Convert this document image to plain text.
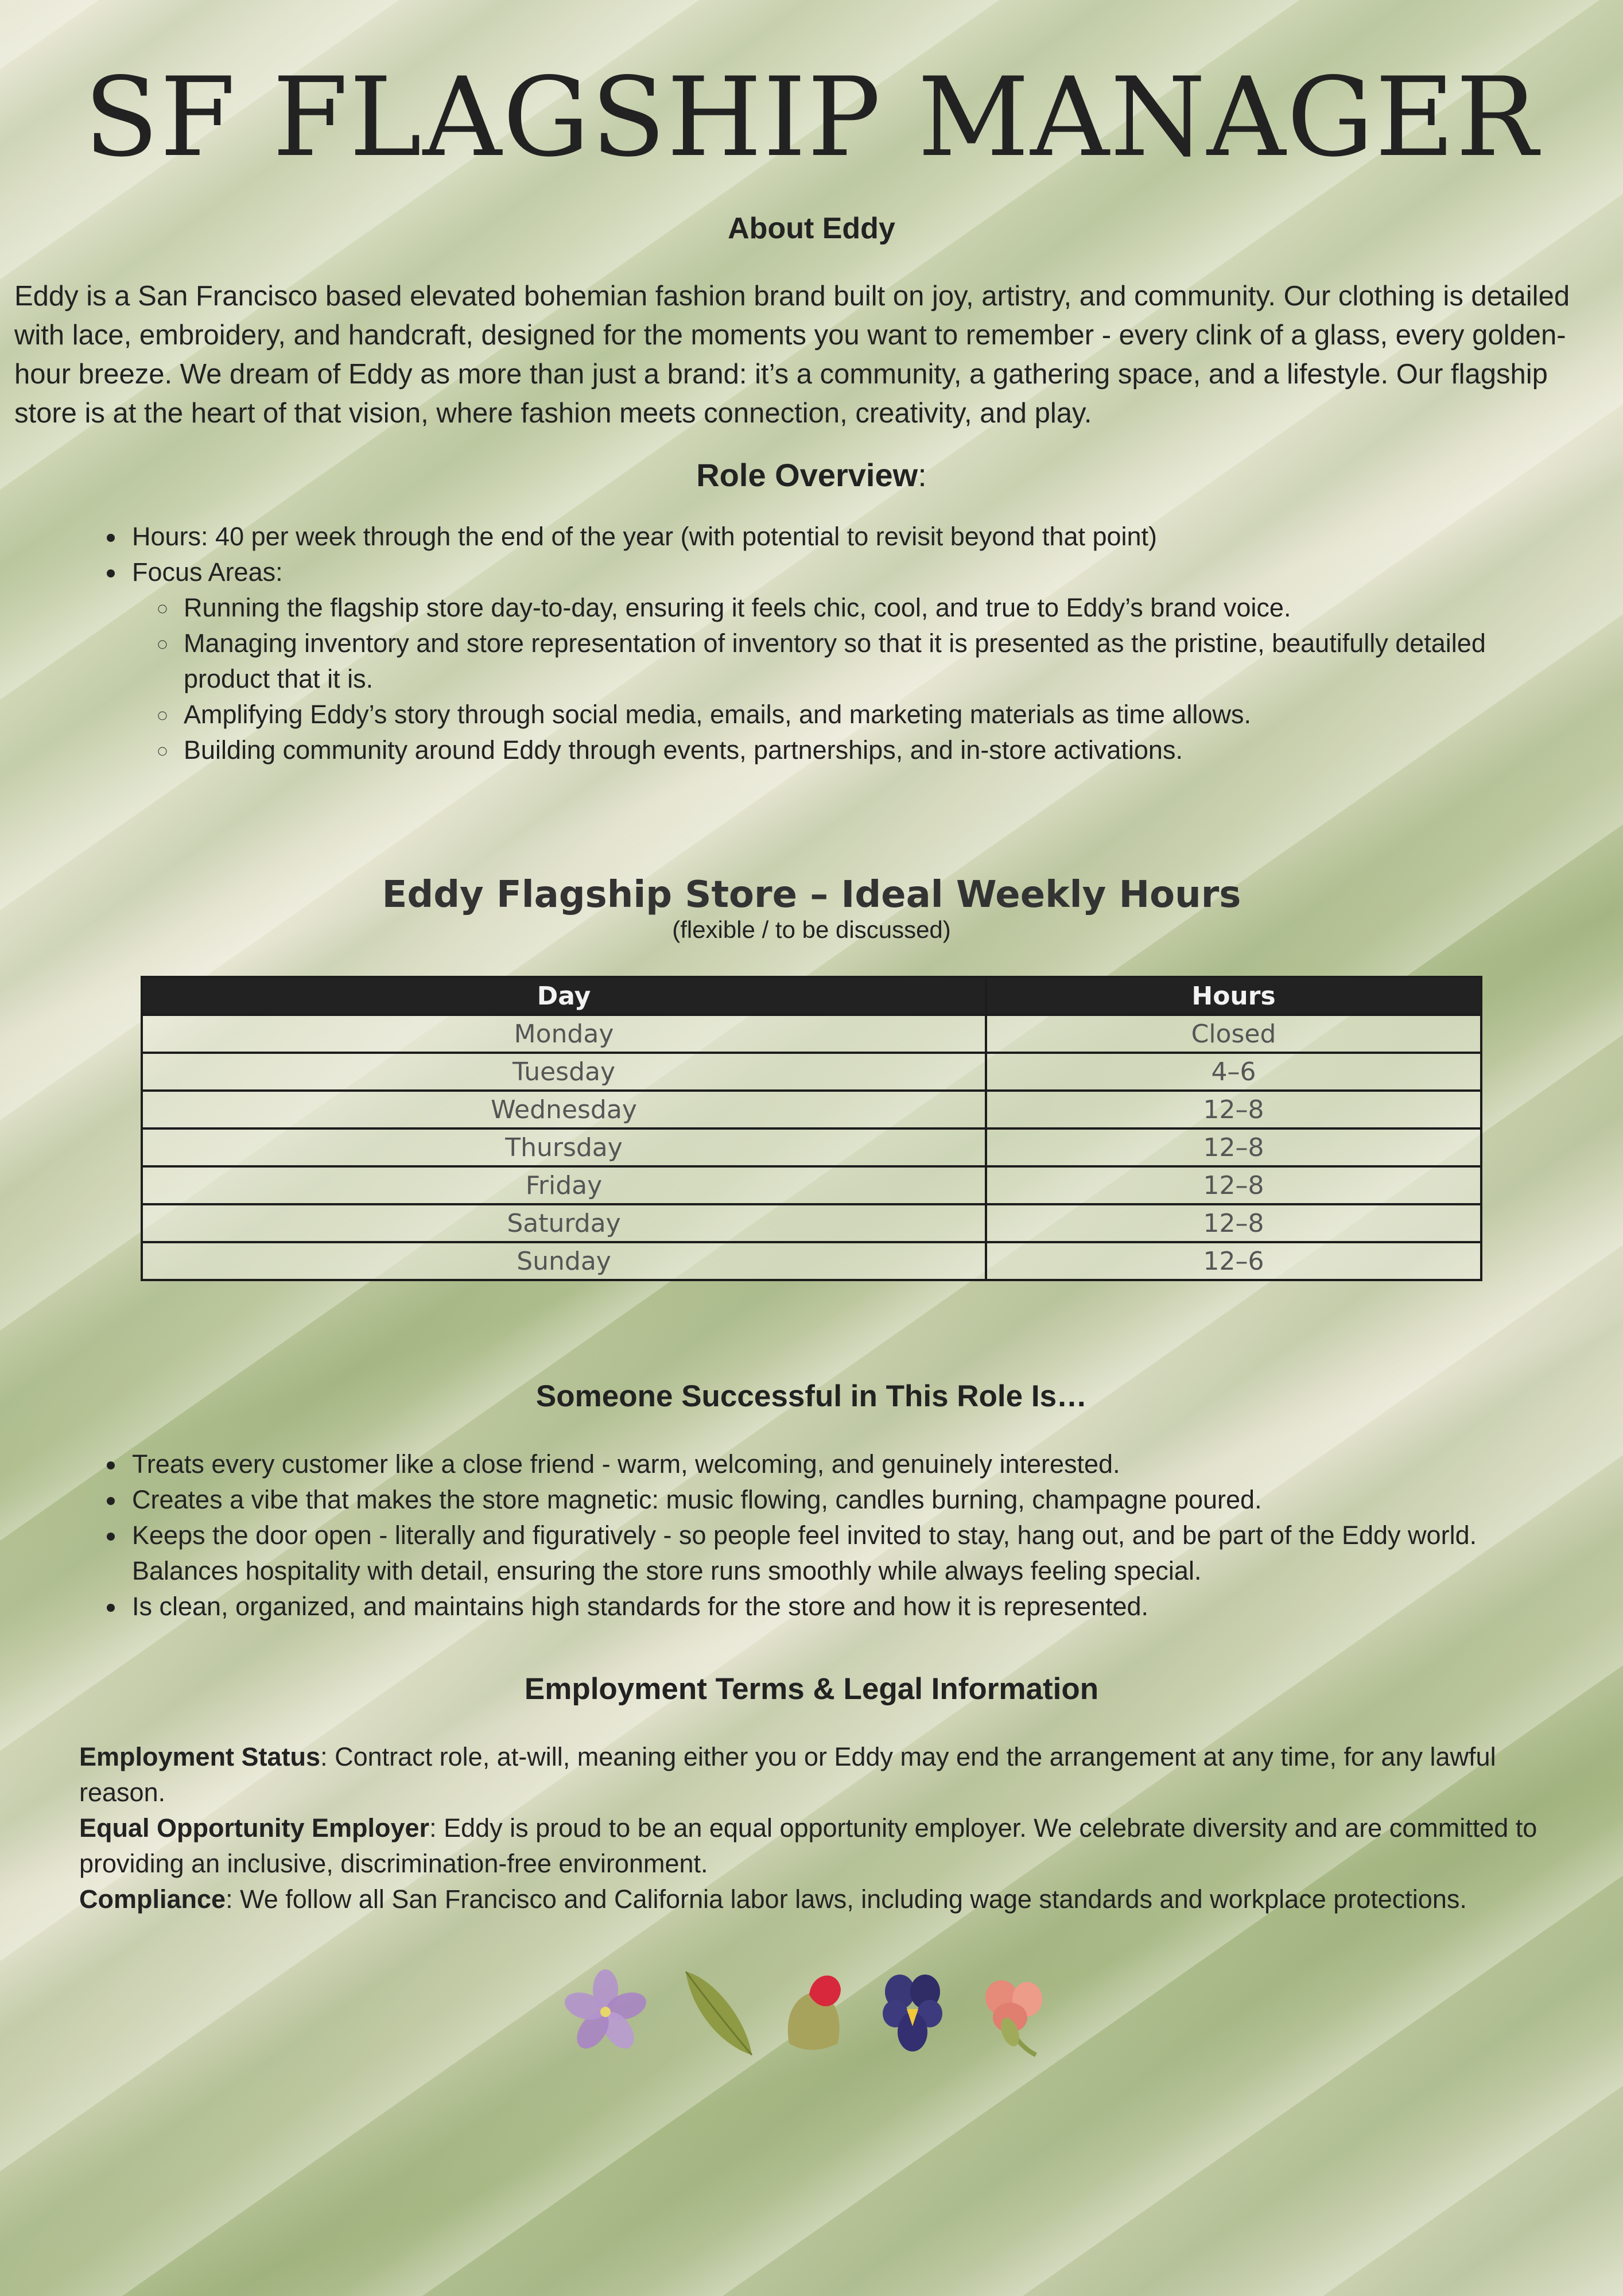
SF FLAGSHIP MANAGER
About Eddy

Eddy is a San Francisco based elevated bohemian fashion brand built on joy, artistry, and community. Our clothing is detailed with lace, embroidery, and handcraft, designed for the moments you want to remember - every clink of a glass, every golden-hour breeze. We dream of Eddy as more than just a brand: it’s a community, a gathering space, and a lifestyle. Our flagship store is at the heart of that vision, where fashion meets connection, creativity, and play.

Role Overview:
• Hours: 40 per week through the end of the year (with potential to revisit beyond that point)
• Focus Areas:
◦ Running the flagship store day-to-day, ensuring it feels chic, cool, and true to Eddy’s brand voice.
◦ Managing inventory and store representation of inventory so that it is presented as the pristine, beautifully detailed product that it is.
◦ Amplifying Eddy’s story through social media, emails, and marketing materials as time allows.
◦ Building community around Eddy through events, partnerships, and in-store activations.
Eddy Flagship Store – Ideal Weekly Hours

(flexible / to be discussed)

Day	Hours
Monday	Closed
Tuesday	4–6
Wednesday	12–8
Thursday	12–8
Friday	12–8
Saturday	12–8
Sunday	12–6
Someone Successful in This Role Is…
• Treats every customer like a close friend - warm, welcoming, and genuinely interested.
• Creates a vibe that makes the store magnetic: music flowing, candles burning, champagne poured.
• Keeps the door open - literally and figuratively - so people feel invited to stay, hang out, and be part of the Eddy world. Balances hospitality with detail, ensuring the store runs smoothly while always feeling special.
• Is clean, organized, and maintains high standards for the store and how it is represented.
Employment Terms & Legal Information

Employment Status: Contract role, at-will, meaning either you or Eddy may end the arrangement at any time, for any lawful reason.

Equal Opportunity Employer: Eddy is proud to be an equal opportunity employer. We celebrate diversity and are committed to providing an inclusive, discrimination-free environment.

Compliance: We follow all San Francisco and California labor laws, including wage standards and workplace protections.
